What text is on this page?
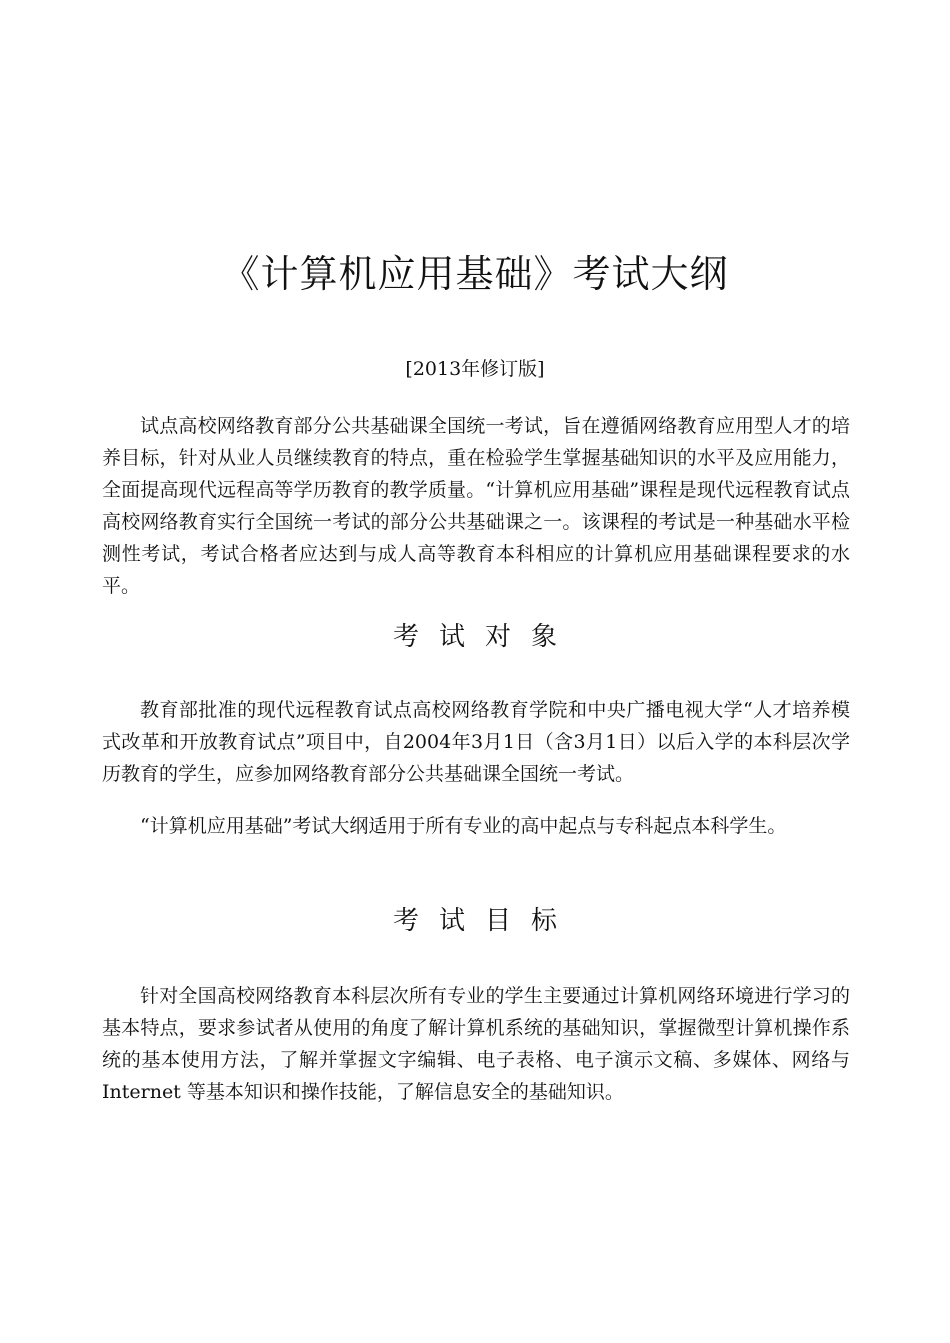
《计算机应用基础》考试大纲

[2013年修订版]

试点高校网络教育部分公共基础课全国统一考试，旨在遵循网络教育应用型人才的培养目标，针对从业人员继续教育的特点，重在检验学生掌握基础知识的水平及应用能力，全面提高现代远程高等学历教育的教学质量。“计算机应用基础”课程是现代远程教育试点高校网络教育实行全国统一考试的部分公共基础课之一。该课程的考试是一种基础水平检测性考试，考试合格者应达到与成人高等教育本科相应的计算机应用基础课程要求的水平。

考试对象

教育部批准的现代远程教育试点高校网络教育学院和中央广播电视大学“人才培养模式改革和开放教育试点”项目中，自2004年3月1日（含3月1日）以后入学的本科层次学历教育的学生，应参加网络教育部分公共基础课全国统一考试。

“计算机应用基础”考试大纲适用于所有专业的高中起点与专科起点本科学生。

考试目标

针对全国高校网络教育本科层次所有专业的学生主要通过计算机网络环境进行学习的基本特点，要求参试者从使用的角度了解计算机系统的基础知识，掌握微型计算机操作系统的基本使用方法，了解并掌握文字编辑、电子表格、电子演示文稿、多媒体、网络与 Internet 等基本知识和操作技能，了解信息安全的基础知识。
